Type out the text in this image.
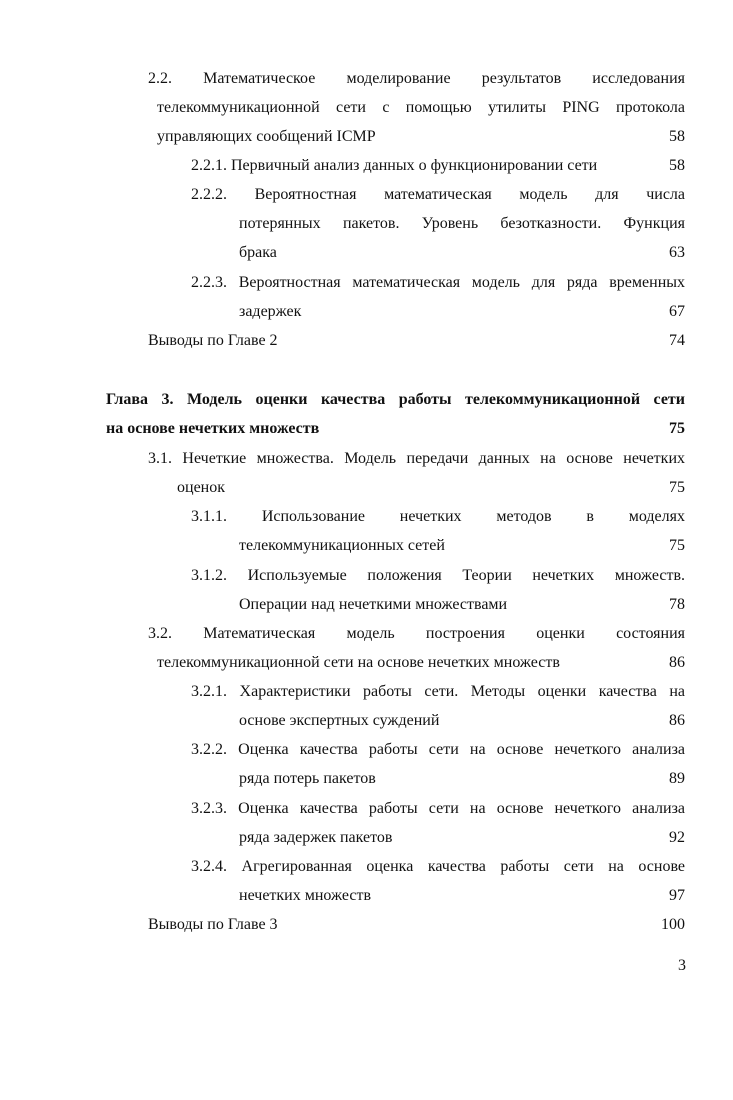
2.2. Математическое моделирование результатов исследования
телекоммуникационной сети с помощью утилиты PING протокола
управляющих сообщений ICMP	58
2.2.1. Первичный анализ данных о функционировании сети	58
2.2.2. Вероятностная математическая модель для числа
потерянных пакетов. Уровень безотказности. Функция
брака	63
2.2.3. Вероятностная математическая модель для ряда временных
задержек	67
Выводы по Главе 2	74
Глава 3. Модель оценки качества работы телекоммуникационной сети
на основе нечетких множеств	75
3.1. Нечеткие множества. Модель передачи данных на основе нечетких
оценок	75
3.1.1. Использование нечетких методов в моделях
телекоммуникационных сетей	75
3.1.2. Используемые положения Теории нечетких множеств.
Операции над нечеткими множествами	78
3.2. Математическая модель построения оценки состояния
телекоммуникационной сети на основе нечетких множеств	86
3.2.1. Характеристики работы сети. Методы оценки качества на
основе экспертных суждений	86
3.2.2. Оценка качества работы сети на основе нечеткого анализа
ряда потерь пакетов	89
3.2.3. Оценка качества работы сети на основе нечеткого анализа
ряда задержек пакетов	92
3.2.4. Агрегированная оценка качества работы сети на основе
нечетких множеств	97
Выводы по Главе 3	100
3
